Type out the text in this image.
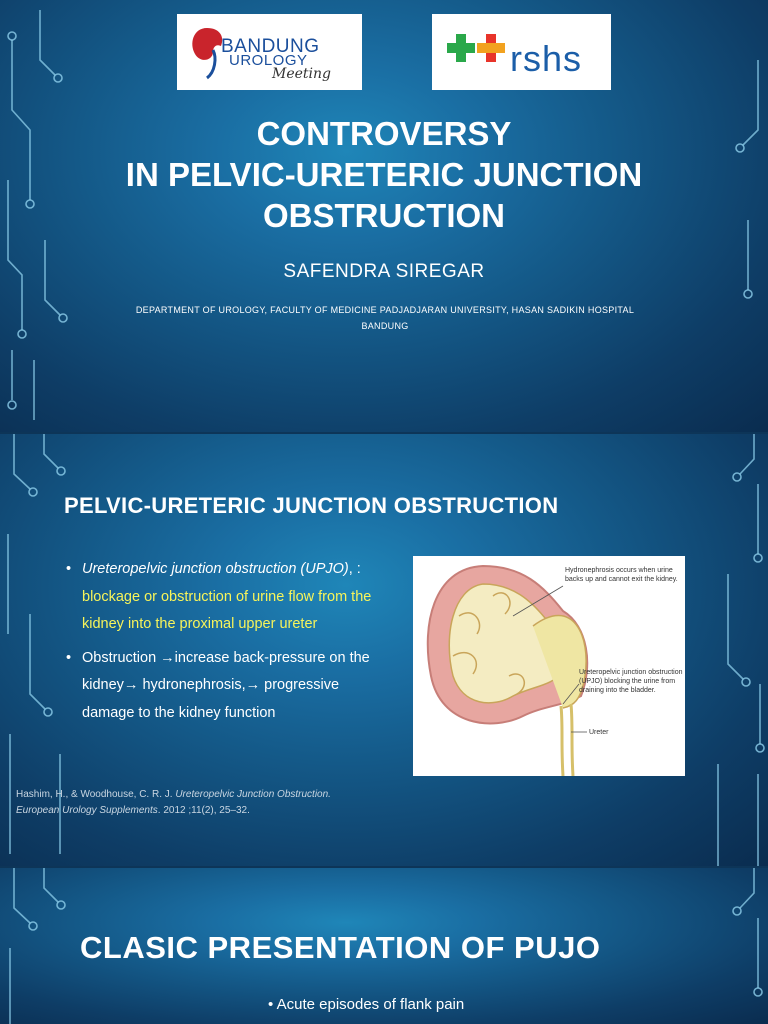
BANDUNG
UROLOGY
Meeting	rshs
CONTROVERSY
IN PELVIC-URETERIC JUNCTION
OBSTRUCTION
SAFENDRA SIREGAR
DEPARTMENT OF UROLOGY, FACULTY OF MEDICINE PADJADJARAN UNIVERSITY, HASAN SADIKIN HOSPITAL
BANDUNG
PELVIC-URETERIC JUNCTION OBSTRUCTION
• Ureteropelvic junction obstruction (UPJO), : blockage or obstruction of urine flow from the kidney into the proximal upper ureter
• Obstruction →increase back-pressure on the kidney→ hydronephrosis,→ progressive damage to the kidney function
Hashim, H., & Woodhouse, C. R. J. Ureteropelvic Junction Obstruction. European Urology Supplements. 2012 ;11(2), 25–32.
Hydronephrosis occurs when urine backs up and cannot exit the kidney.
Ureteropelvic junction obstruction (UPJO) blocking the urine from draining into the bladder.
Ureter
CLASIC PRESENTATION OF PUJO
• Acute episodes of flank pain
